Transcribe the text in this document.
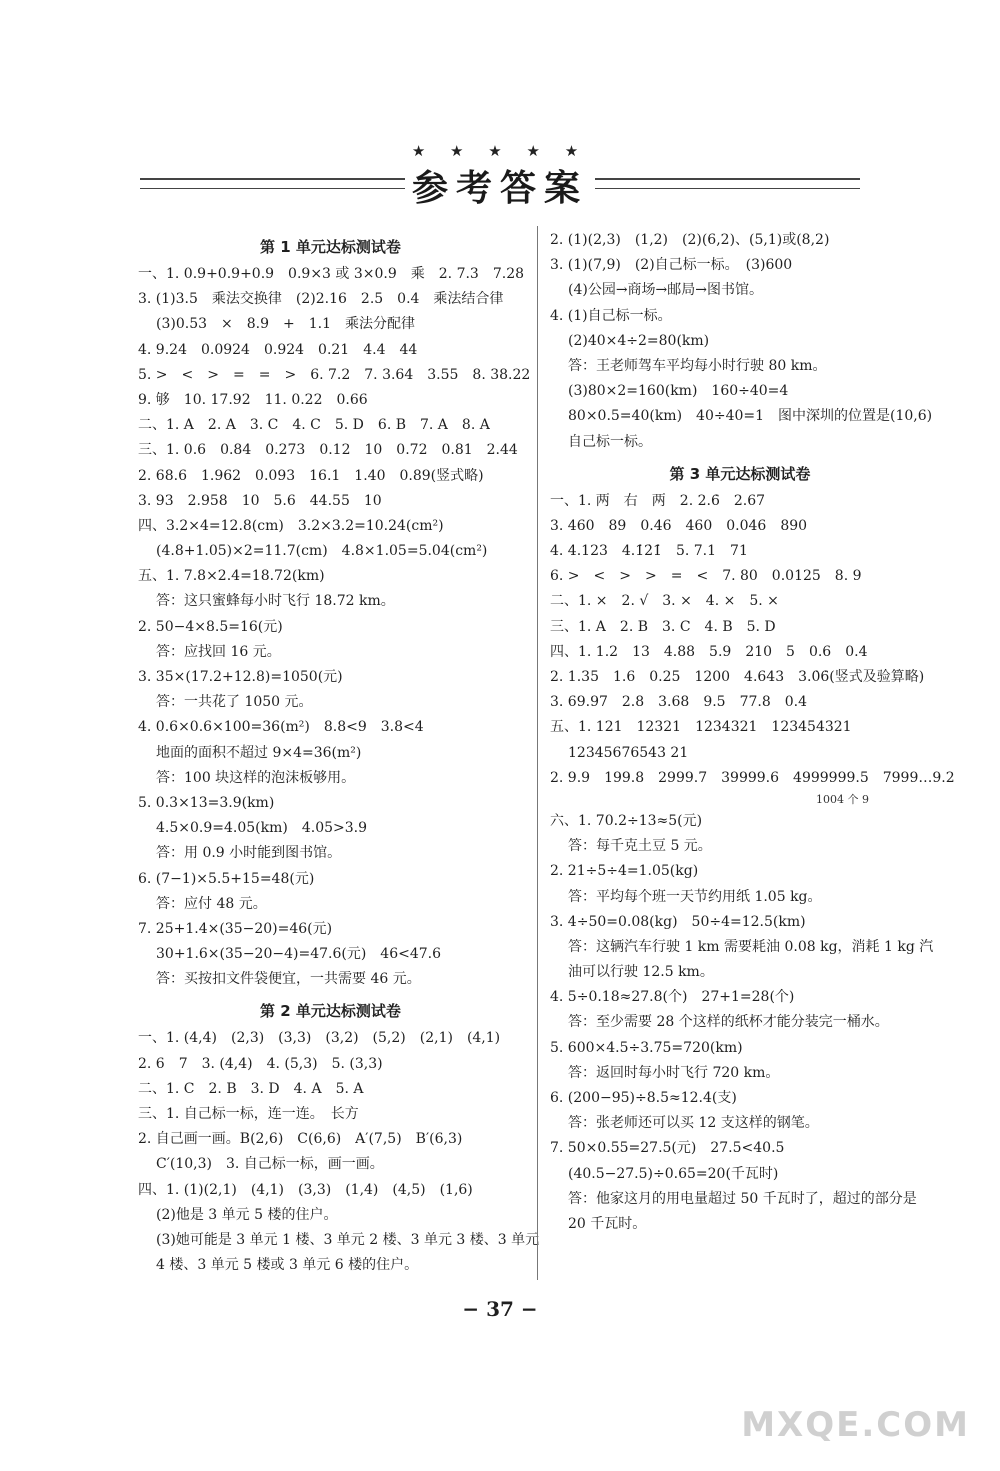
★ ★ ★ ★ ★
参考答案
第 1 单元达标测试卷
一、1. 0.9+0.9+0.9　0.9×3 或 3×0.9　乘　2. 7.3　7.28
3. (1)3.5　乘法交换律　(2)2.16　2.5　0.4　乘法结合律
(3)0.53　×　8.9　+　1.1　乘法分配律
4. 9.24　0.0924　0.924　0.21　4.4　44
5. >　<　>　=　=　>　6. 7.2　7. 3.64　3.55　8. 38.22
9. 够　10. 17.92　11. 0.22　0.66
二、1. A　2. A　3. C　4. C　5. D　6. B　7. A　8. A
三、1. 0.6　0.84　0.273　0.12　10　0.72　0.81　2.44
2. 68.6　1.962　0.093　16.1　1.40　0.89(竖式略)
3. 93　2.958　10　5.6　44.55　10
四、3.2×4=12.8(cm)　3.2×3.2=10.24(cm²)
(4.8+1.05)×2=11.7(cm)　4.8×1.05=5.04(cm²)
五、1. 7.8×2.4=18.72(km)
答：这只蜜蜂每小时飞行 18.72 km。
2. 50−4×8.5=16(元)
答：应找回 16 元。
3. 35×(17.2+12.8)=1050(元)
答：一共花了 1050 元。
4. 0.6×0.6×100=36(m²)　8.8<9　3.8<4
地面的面积不超过 9×4=36(m²)
答：100 块这样的泡沫板够用。
5. 0.3×13=3.9(km)
4.5×0.9=4.05(km)　4.05>3.9
答：用 0.9 小时能到图书馆。
6. (7−1)×5.5+15=48(元)
答：应付 48 元。
7. 25+1.4×(35−20)=46(元)
30+1.6×(35−20−4)=47.6(元)　46<47.6
答：买按扣文件袋便宜，一共需要 46 元。
第 2 单元达标测试卷
一、1. (4,4)　(2,3)　(3,3)　(3,2)　(5,2)　(2,1)　(4,1)
2. 6　7　3. (4,4)　4. (5,3)　5. (3,3)
二、1. C　2. B　3. D　4. A　5. A
三、1. 自己标一标，连一连。　长方
2. 自己画一画。B(2,6)　C(6,6)　A′(7,5)　B′(6,3)
C′(10,3)　3. 自己标一标，画一画。
四、1. (1)(2,1)　(4,1)　(3,3)　(1,4)　(4,5)　(1,6)
(2)他是 3 单元 5 楼的住户。
(3)她可能是 3 单元 1 楼、3 单元 2 楼、3 单元 3 楼、3 单元
4 楼、3 单元 5 楼或 3 单元 6 楼的住户。
2. (1)(2,3)　(1,2)　(2)(6,2)、(5,1)或(8,2)
3. (1)(7,9)　(2)自己标一标。　(3)600
(4)公园→商场→邮局→图书馆。
4. (1)自己标一标。
(2)40×4÷2=80(km)
答：王老师驾车平均每小时行驶 80 km。
(3)80×2=160(km)　160÷40=4
80×0.5=40(km)　40÷40=1　图中深圳的位置是(10,6)
自己标一标。
第 3 单元达标测试卷
一、1. 两　右　两　2. 2.6̇　2.67
3. 460　89　0.46　460　0.046　890
4. 4.123　4.1̇2̇1̇　5. 7.1　71
6. >　<　>　>　=　<　7. 80　0.0125　8. 9
二、1. ×　2. √　3. ×　4. ×　5. ×
三、1. A　2. B　3. C　4. B　5. D
四、1. 1.2　13　4.88　5.9　210　5　0.6　0.4
2. 1.35　1.6　0.25　1200　4.643　3.0̇6̇(竖式及验算略)
3. 69.97　2.8　3.68　9.5　77.8　0.4
五、1. 121　12321　1234321　123454321
12345676543 21
2. 9.9　199.8　2999.7　39999.6　4999999.5　7999…9.2
1004 个 9
六、1. 70.2÷13≈5(元)
答：每千克土豆 5 元。
2. 21÷5÷4=1.05(kg)
答：平均每个班一天节约用纸 1.05 kg。
3. 4÷50=0.08(kg)　50÷4=12.5(km)
答：这辆汽车行驶 1 km 需要耗油 0.08 kg，消耗 1 kg 汽
油可以行驶 12.5 km。
4. 5÷0.18≈27.8(个)　27+1=28(个)
答：至少需要 28 个这样的纸杯才能分装完一桶水。
5. 600×4.5÷3.75=720(km)
答：返回时每小时飞行 720 km。
6. (200−95)÷8.5≈12.4(支)
答：张老师还可以买 12 支这样的钢笔。
7. 50×0.55=27.5(元)　27.5<40.5
(40.5−27.5)÷0.65=20(千瓦时)
答：他家这月的用电量超过 50 千瓦时了，超过的部分是
20 千瓦时。
− 37 −
MXQE.COM
